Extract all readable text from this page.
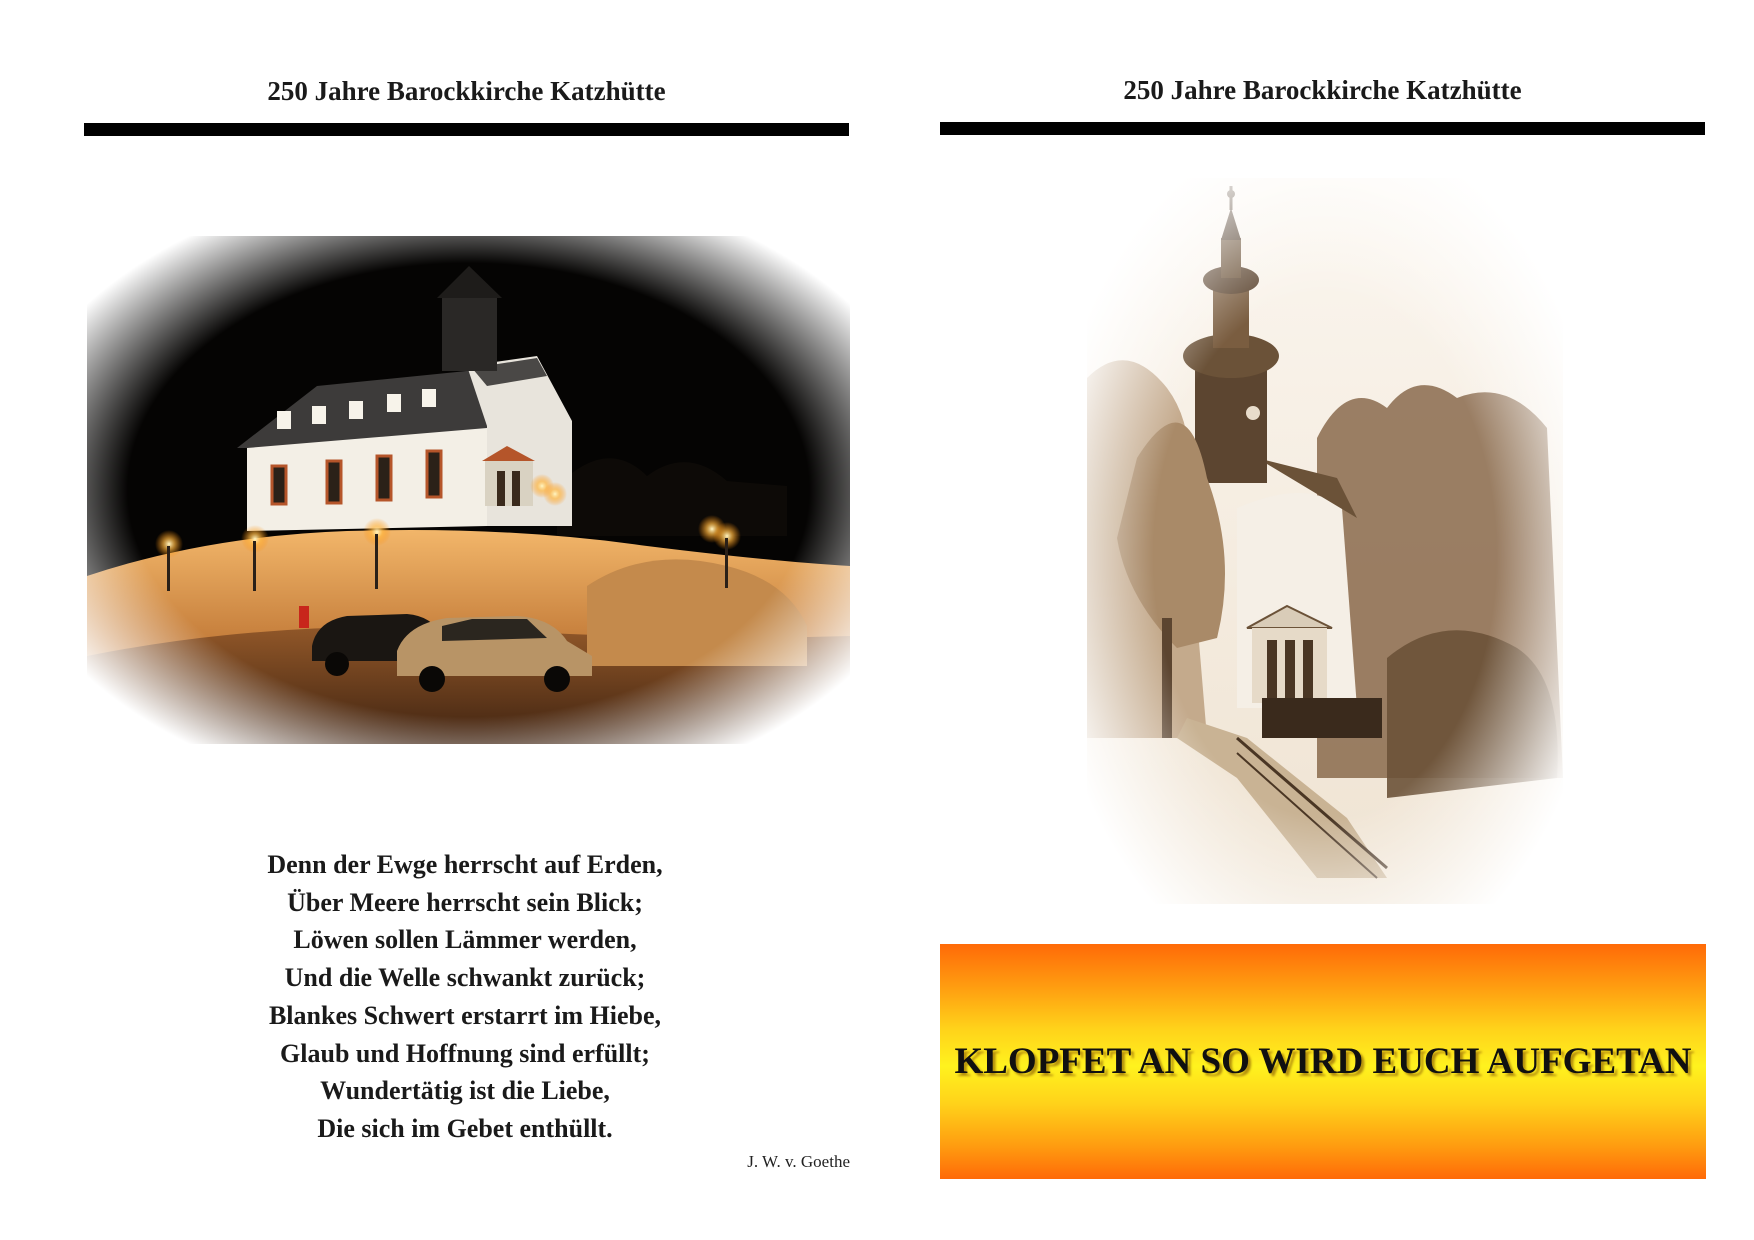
250 Jahre Barockkirche Katzhütte
Denn der Ewge herrscht auf Erden,
Über Meere herrscht sein Blick;
Löwen sollen Lämmer werden,
Und die Welle schwankt zurück;
Blankes Schwert erstarrt im Hiebe,
Glaub und Hoffnung sind erfüllt;
Wundertätig ist die Liebe,
Die sich im Gebet enthüllt.
J. W. v. Goethe
250 Jahre Barockkirche Katzhütte
KLOPFET AN SO WIRD EUCH AUFGETAN
